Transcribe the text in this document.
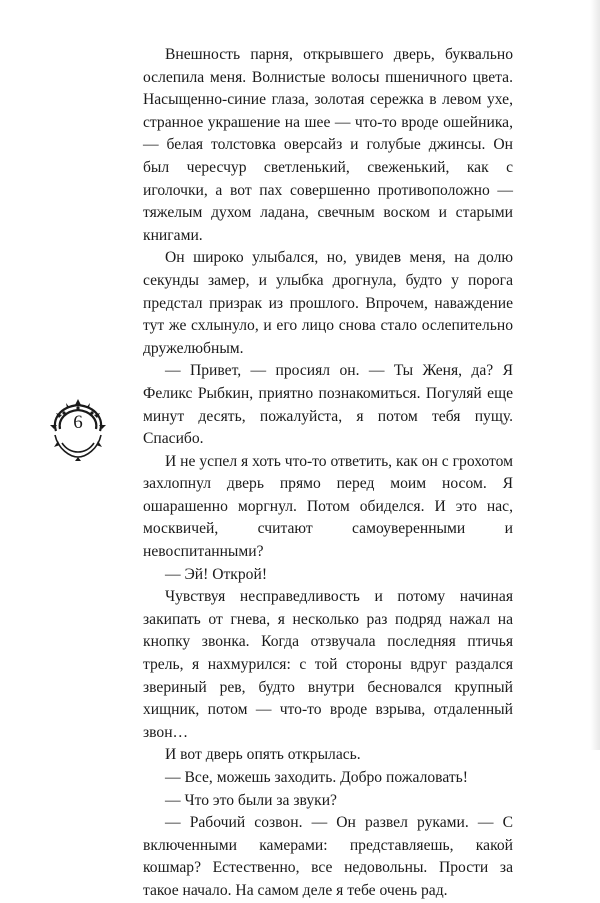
Внешность парня, открывшего дверь, буквально ослепила меня. Волнистые волосы пшеничного цвета. Насыщенно-синие глаза, золотая сережка в левом ухе, странное украшение на шее — что-то вроде ошейника, — белая толстовка оверсайз и голубые джинсы. Он был чересчур светленький, свеженький, как с иголочки, а вот пах совершенно противоположно — тяжелым духом ладана, свечным воском и старыми книгами.

Он широко улыбался, но, увидев меня, на долю секунды замер, и улыбка дрогнула, будто у порога предстал призрак из прошлого. Впрочем, наваждение тут же схлынуло, и его лицо снова стало ослепительно дружелюбным.

— Привет, — просиял он. — Ты Женя, да? Я Феликс Рыбкин, приятно познакомиться. Погуляй еще минут десять, пожалуйста, я потом тебя пущу. Спасибо.

И не успел я хоть что-то ответить, как он с грохотом захлопнул дверь прямо перед моим носом. Я ошарашенно моргнул. Потом обиделся. И это нас, москвичей, считают самоуверенными и невоспитанными?

— Эй! Открой!

Чувствуя несправедливость и потому начиная закипать от гнева, я несколько раз подряд нажал на кнопку звонка. Когда отзвучала последняя птичья трель, я нахмурился: с той стороны вдруг раздался звериный рев, будто внутри бесновался крупный хищник, потом — что-то вроде взрыва, отдаленный звон…

И вот дверь опять открылась.

— Все, можешь заходить. Добро пожаловать!

— Что это были за звуки?

— Рабочий созвон. — Он развел руками. — С включенными камерами: представляешь, какой кошмар? Естественно, все недовольны. Прости за такое начало. На самом деле я тебе очень рад.

6
